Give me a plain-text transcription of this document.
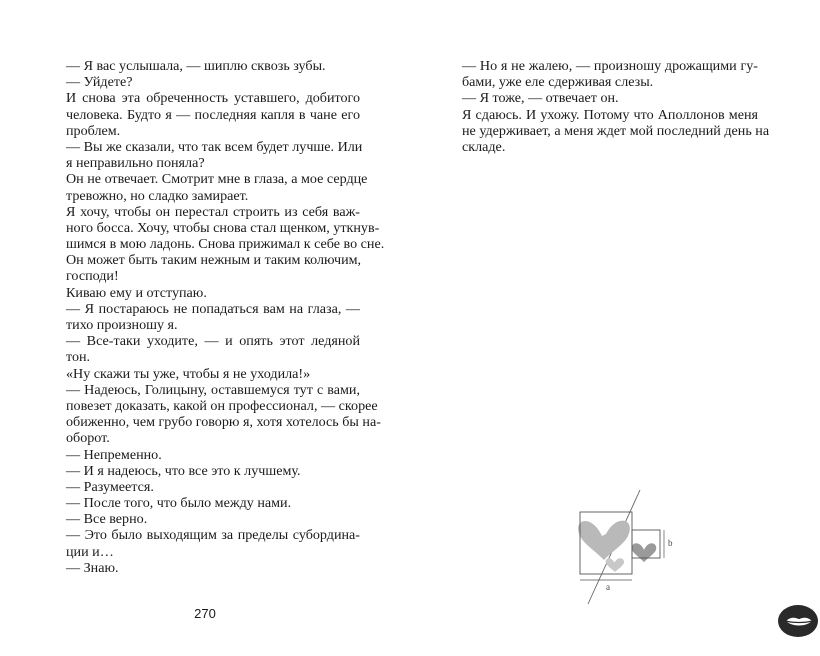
— Я вас услышала, — шиплю сквозь зубы.
— Уйдете?
И снова эта обреченность уставшего, добитого
человека. Будто я — последняя капля в чане его
проблем.
— Вы же сказали, что так всем будет лучше. Или
я неправильно поняла?
Он не отвечает. Смотрит мне в глаза, а мое сердце
тревожно, но сладко замирает.
Я хочу, чтобы он перестал строить из себя важ-
ного босса. Хочу, чтобы снова стал щенком, уткнув-
шимся в мою ладонь. Снова прижимал к себе во сне.
Он может быть таким нежным и таким колючим,
господи!
Киваю ему и отступаю.
— Я постараюсь не попадаться вам на глаза, —
тихо произношу я.
— Все-таки уходите, — и опять этот ледяной
тон.
«Ну скажи ты уже, чтобы я не уходила!»
— Надеюсь, Голицыну, оставшемуся тут с вами,
повезет доказать, какой он профессионал, — скорее
обиженно, чем грубо говорю я, хотя хотелось бы на-
оборот.
— Непременно.
— И я надеюсь, что все это к лучшему.
— Разумеется.
— После того, что было между нами.
— Все верно.
— Это было выходящим за пределы субордина-
ции и…
— Знаю.
270
— Но я не жалею, — произношу дрожащими гу-
бами, уже еле сдерживая слезы.
— Я тоже, — отвечает он.
Я сдаюсь. И ухожу. Потому что Аполлонов меня
не удерживает, а меня ждет мой последний день на
складе.
a
b
